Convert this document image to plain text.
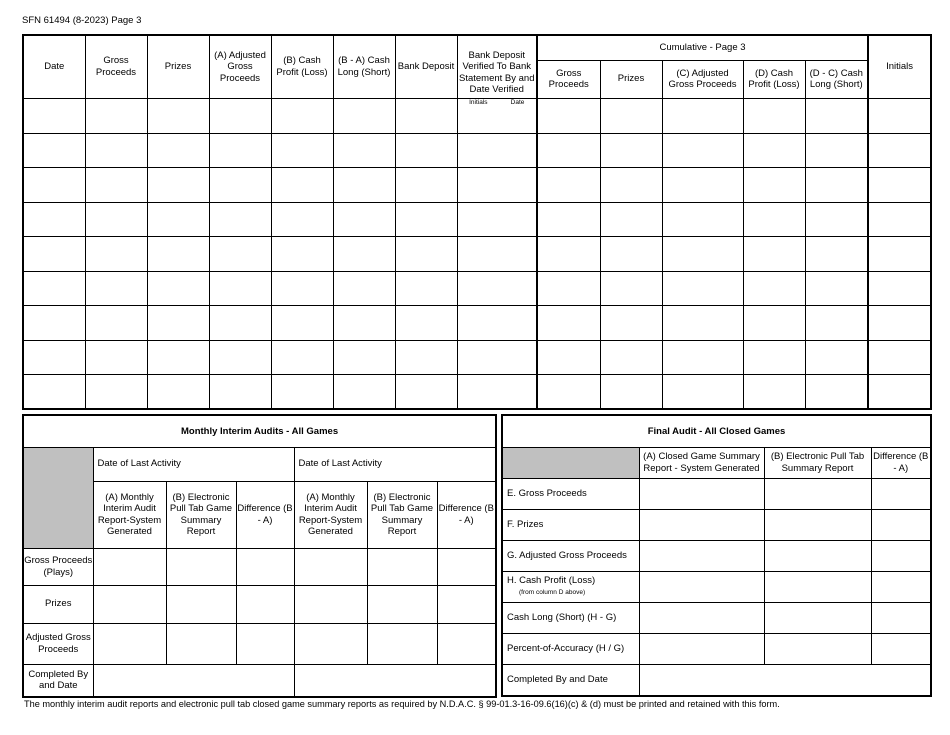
SFN 61494 (8-2023) Page 3
Date	Gross Proceeds	Prizes	(A) Adjusted Gross Proceeds	(B) Cash Profit (Loss)	(B - A) Cash Long (Short)	Bank Deposit	Bank Deposit Verified To Bank Statement By and Date Verified	Cumulative - Page 3					Initials
								Gross Proceeds	Prizes	(C) Adjusted Gross Proceeds	(D) Cash Profit (Loss)	(D - C) Cash Long (Short)	

							Initials Date						

Monthly Interim Audits - All Games						
	Date of Last Activity			Date of Last Activity		
	(A) Monthly Interim Audit Report-System Generated	(B) Electronic Pull Tab Game Summary Report	Difference (B - A)	(A) Monthly Interim Audit Report-System Generated	(B) Electronic Pull Tab Game Summary Report	Difference (B - A)
Gross Proceeds (Plays)						
Prizes						
Adjusted Gross Proceeds						
Completed By and Date						
Final Audit - All Closed Games			
	(A) Closed Game Summary Report - System Generated	(B) Electronic Pull Tab Summary Report	Difference (B - A)
E. Gross Proceeds			
F. Prizes			
G. Adjusted Gross Proceeds			
H. Cash Profit (Loss)
(from column D above)			

Cash Long (Short) (H - G)			
Percent-of-Accuracy (H / G)			
Completed By and Date			
The monthly interim audit reports and electronic pull tab closed game summary reports as required by N.D.A.C. § 99-01.3-16-09.6(16)(c) & (d) must be printed and retained with this form.
